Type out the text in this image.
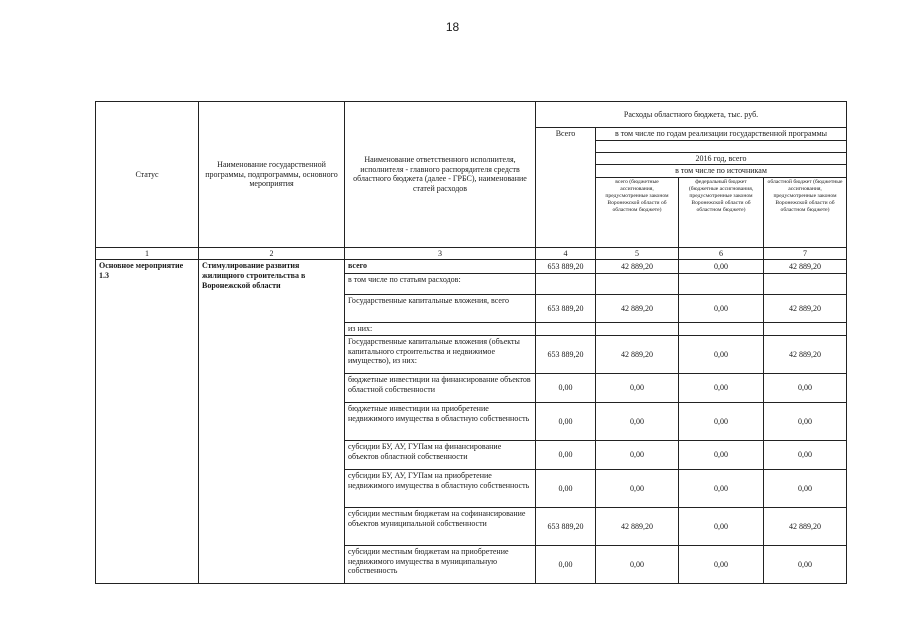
18
Статус	Наименование государственной программы, подпрограммы, основного мероприятия	Наименование ответственного исполнителя, исполнителя - главного распорядителя средств областного бюджета (далее - ГРБС), наименование статей расходов	Расходы областного бюджета, тыс. руб.			
			Всего	в том числе по годам реализации государственной программы		

				2016 год, всего		
				в том числе по источникам		
				всего (бюджетные ассигнования, предусмотренные законом Воронежской области об областном бюджете)	федеральный бюджет (бюджетные ассигнования, предусмотренные законом Воронежской области об областном бюджете)	областной бюджет (бюджетные ассигнования, предусмотренные законом Воронежской области об областном бюджете)
1	2	3	4	5	6	7
Основное мероприятие 1.3	Стимулирование развития жилищного строительства в Воронежской области	всего	653 889,20	42 889,20	0,00	42 889,20
		в том числе по статьям расходов:				
		Государственные капитальные вложения, всего	653 889,20	42 889,20	0,00	42 889,20
		из них:				
		Государственные капитальные вложения (объекты капитального строительства и недвижимое имущество), из них:	653 889,20	42 889,20	0,00	42 889,20
		бюджетные инвестиции на финансирование объектов областной собственности	0,00	0,00	0,00	0,00
		бюджетные инвестиции на приобретение недвижимого имущества в областную собственность	0,00	0,00	0,00	0,00
		субсидии БУ, АУ, ГУПам на финансирование объектов областной собственности	0,00	0,00	0,00	0,00
		субсидии БУ, АУ, ГУПам на приобретение недвижимого имущества в областную собственность	0,00	0,00	0,00	0,00
		субсидии местным бюджетам на софинансирование объектов муниципальной собственности	653 889,20	42 889,20	0,00	42 889,20
		субсидии местным бюджетам на приобретение недвижимого имущества в муниципальную собственность	0,00	0,00	0,00	0,00
